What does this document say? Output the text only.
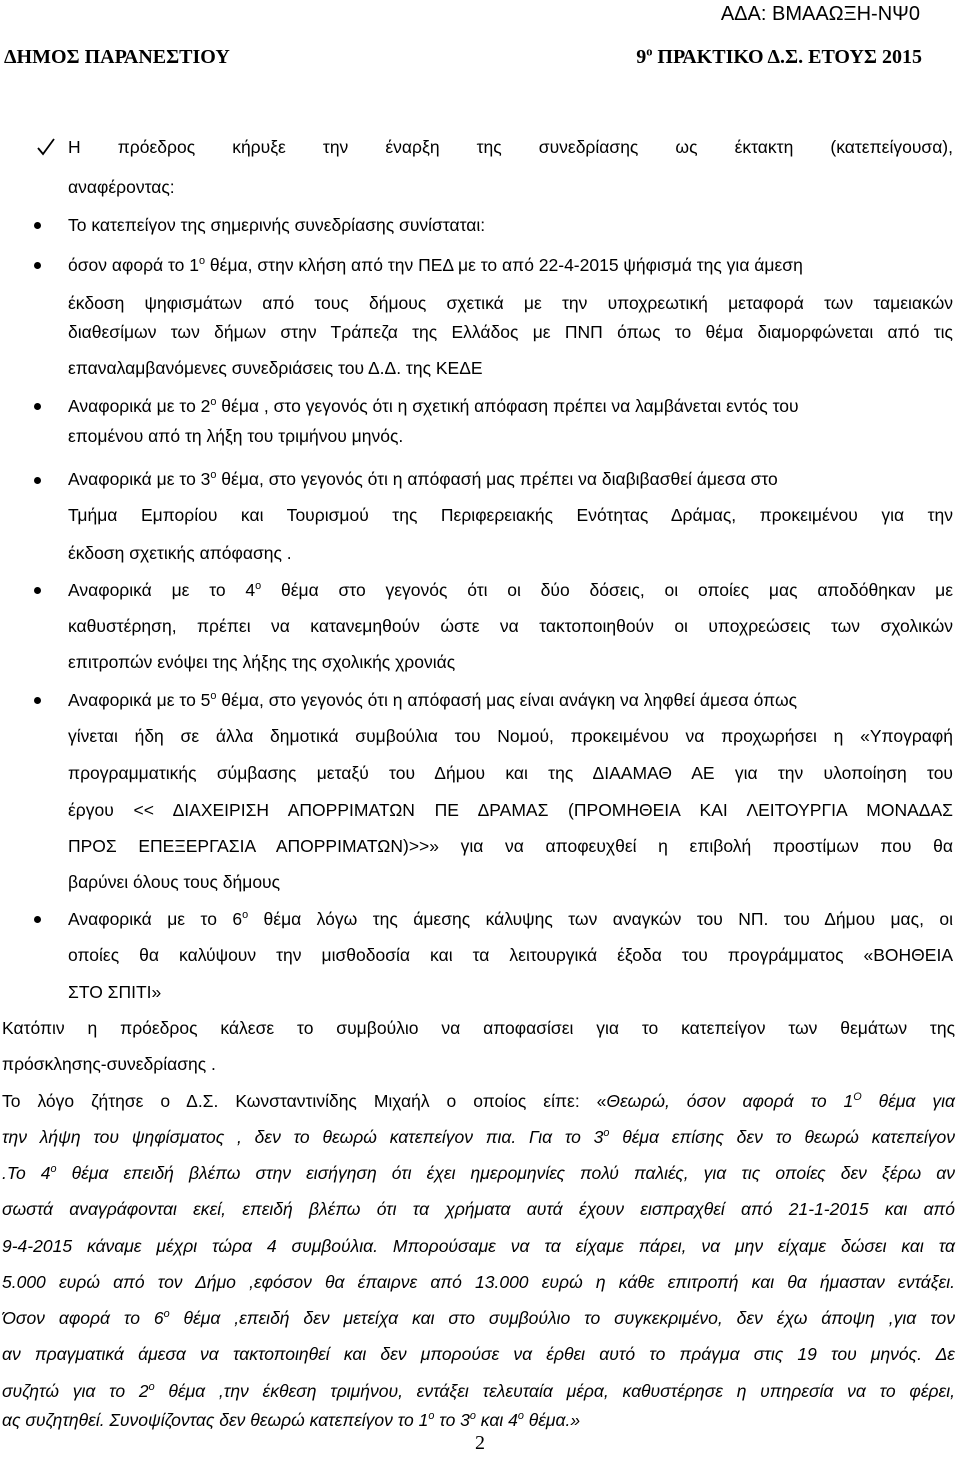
ΑΔΑ: ΒΜΑΑΩΞΗ-ΝΨ0
ΔΗΜΟΣ ΠΑΡΑΝΕΣΤΙΟΥ	$9^o$ ΠΡΑΚΤΙΚΟ Δ.Σ. ΕΤΟΥΣ 2015
Η πρόεδρος κήρυξε την έναρξη της συνεδρίασης ως έκτακτη (κατεπείγουσα),
αναφέροντας:
Το κατεπείγον της σημερινής συνεδρίασης συνίσταται:
όσον αφορά το $1^o$ θέμα, στην κλήση από την ΠΕΔ με το από 22-4-2015 ψήφισμά της για άμεση
έκδοση ψηφισμάτων από τους δήμους σχετικά με την υποχρεωτική μεταφορά των ταμειακών
διαθεσίμων των δήμων στην Τράπεζα της Ελλάδος με ΠΝΠ όπως το θέμα διαμορφώνεται από τις
επαναλαμβανόμενες συνεδριάσεις του Δ.Δ. της ΚΕΔΕ
Αναφορικά με το $2^o$ θέμα , στο γεγονός ότι η σχετική απόφαση πρέπει να λαμβάνεται εντός του
επομένου από τη λήξη του τριμήνου μηνός.
Αναφορικά με το $3^o$ θέμα, στο γεγονός ότι η απόφασή μας πρέπει να διαβιβασθεί άμεσα στο
Τμήμα Εμπορίου και Τουρισμού της Περιφερειακής Ενότητας Δράμας, προκειμένου για την
έκδοση σχετικής απόφασης .
Αναφορικά με το $4^o$ θέμα στο γεγονός ότι οι δύο δόσεις, οι οποίες μας αποδόθηκαν με
καθυστέρηση, πρέπει να κατανεμηθούν ώστε να τακτοποιηθούν οι υποχρεώσεις των σχολικών
επιτροπών ενόψει της λήξης της σχολικής χρονιάς
Αναφορικά με το $5^o$ θέμα, στο γεγονός ότι η απόφασή μας είναι ανάγκη να ληφθεί άμεσα όπως
γίνεται ήδη σε άλλα δημοτικά συμβούλια του Νομού, προκειμένου να προχωρήσει η «Υπογραφή
προγραμματικής σύμβασης μεταξύ του Δήμου και της ΔΙΑΑΜΑΘ ΑΕ για την υλοποίηση του
έργου << ΔΙΑΧΕΙΡΙΣΗ ΑΠΟΡΡΙΜΑΤΩΝ ΠΕ ΔΡΑΜΑΣ (ΠΡΟΜΗΘΕΙΑ ΚΑΙ ΛΕΙΤΟΥΡΓΙΑ ΜΟΝΑΔΑΣ
ΠΡΟΣ ΕΠΕΞΕΡΓΑΣΙΑ ΑΠΟΡΡΙΜΑΤΩΝ)>>» για να αποφευχθεί η επιβολή προστίμων που θα
βαρύνει όλους τους δήμους
Αναφορικά με το $6^o$ θέμα λόγω της άμεσης κάλυψης των αναγκών του ΝΠ. του Δήμου μας, οι
οποίες θα καλύψουν την μισθοδοσία και τα λειτουργικά έξοδα του προγράμματος «ΒΟΗΘΕΙΑ
ΣΤΟ ΣΠΙΤΙ»
Κατόπιν η πρόεδρος κάλεσε το συμβούλιο να αποφασίσει για το κατεπείγον των θεμάτων της
πρόσκλησης-συνεδρίασης .
Το λόγο ζήτησε ο Δ.Σ. Κωνσταντινίδης Μιχαήλ ο οποίος είπε: «Θεωρώ, όσον αφορά το $1^O$ θέμα για
την λήψη του ψηφίσματος , δεν το θεωρώ κατεπείγον πια. Για το $3^o$ θέμα επίσης δεν το θεωρώ κατεπείγον
.Το $4^o$ θέμα επειδή βλέπω στην εισήγηση ότι έχει ημερομηνίες πολύ παλιές, για τις οποίες δεν ξέρω αν
σωστά αναγράφονται εκεί, επειδή βλέπω ότι τα χρήματα αυτά έχουν εισπραχθεί από 21-1-2015 και από
9-4-2015 κάναμε μέχρι τώρα 4 συμβούλια. Μπορούσαμε να τα είχαμε πάρει, να μην είχαμε δώσει και τα
5.000 ευρώ από τον Δήμο ,εφόσον θα έπαιρνε από 13.000 ευρώ η κάθε επιτροπή και θα ήμασταν εντάξει.
Όσον αφορά το $6^o$ θέμα ,επειδή δεν μετείχα και στο συμβούλιο το συγκεκριμένο, δεν έχω άποψη ,για τον
αν πραγματικά άμεσα να τακτοποιηθεί και δεν μπορούσε να έρθει αυτό το πράγμα στις 19 του μηνός. Δε
συζητώ για το $2^o$ θέμα ,την έκθεση τριμήνου, εντάξει τελευταία μέρα, καθυστέρησε η υπηρεσία να το φέρει,
ας συζητηθεί. Συνοψίζοντας δεν θεωρώ κατεπείγον το $1^o$ το $3^o$ και $4^o$ θέμα.»
2
